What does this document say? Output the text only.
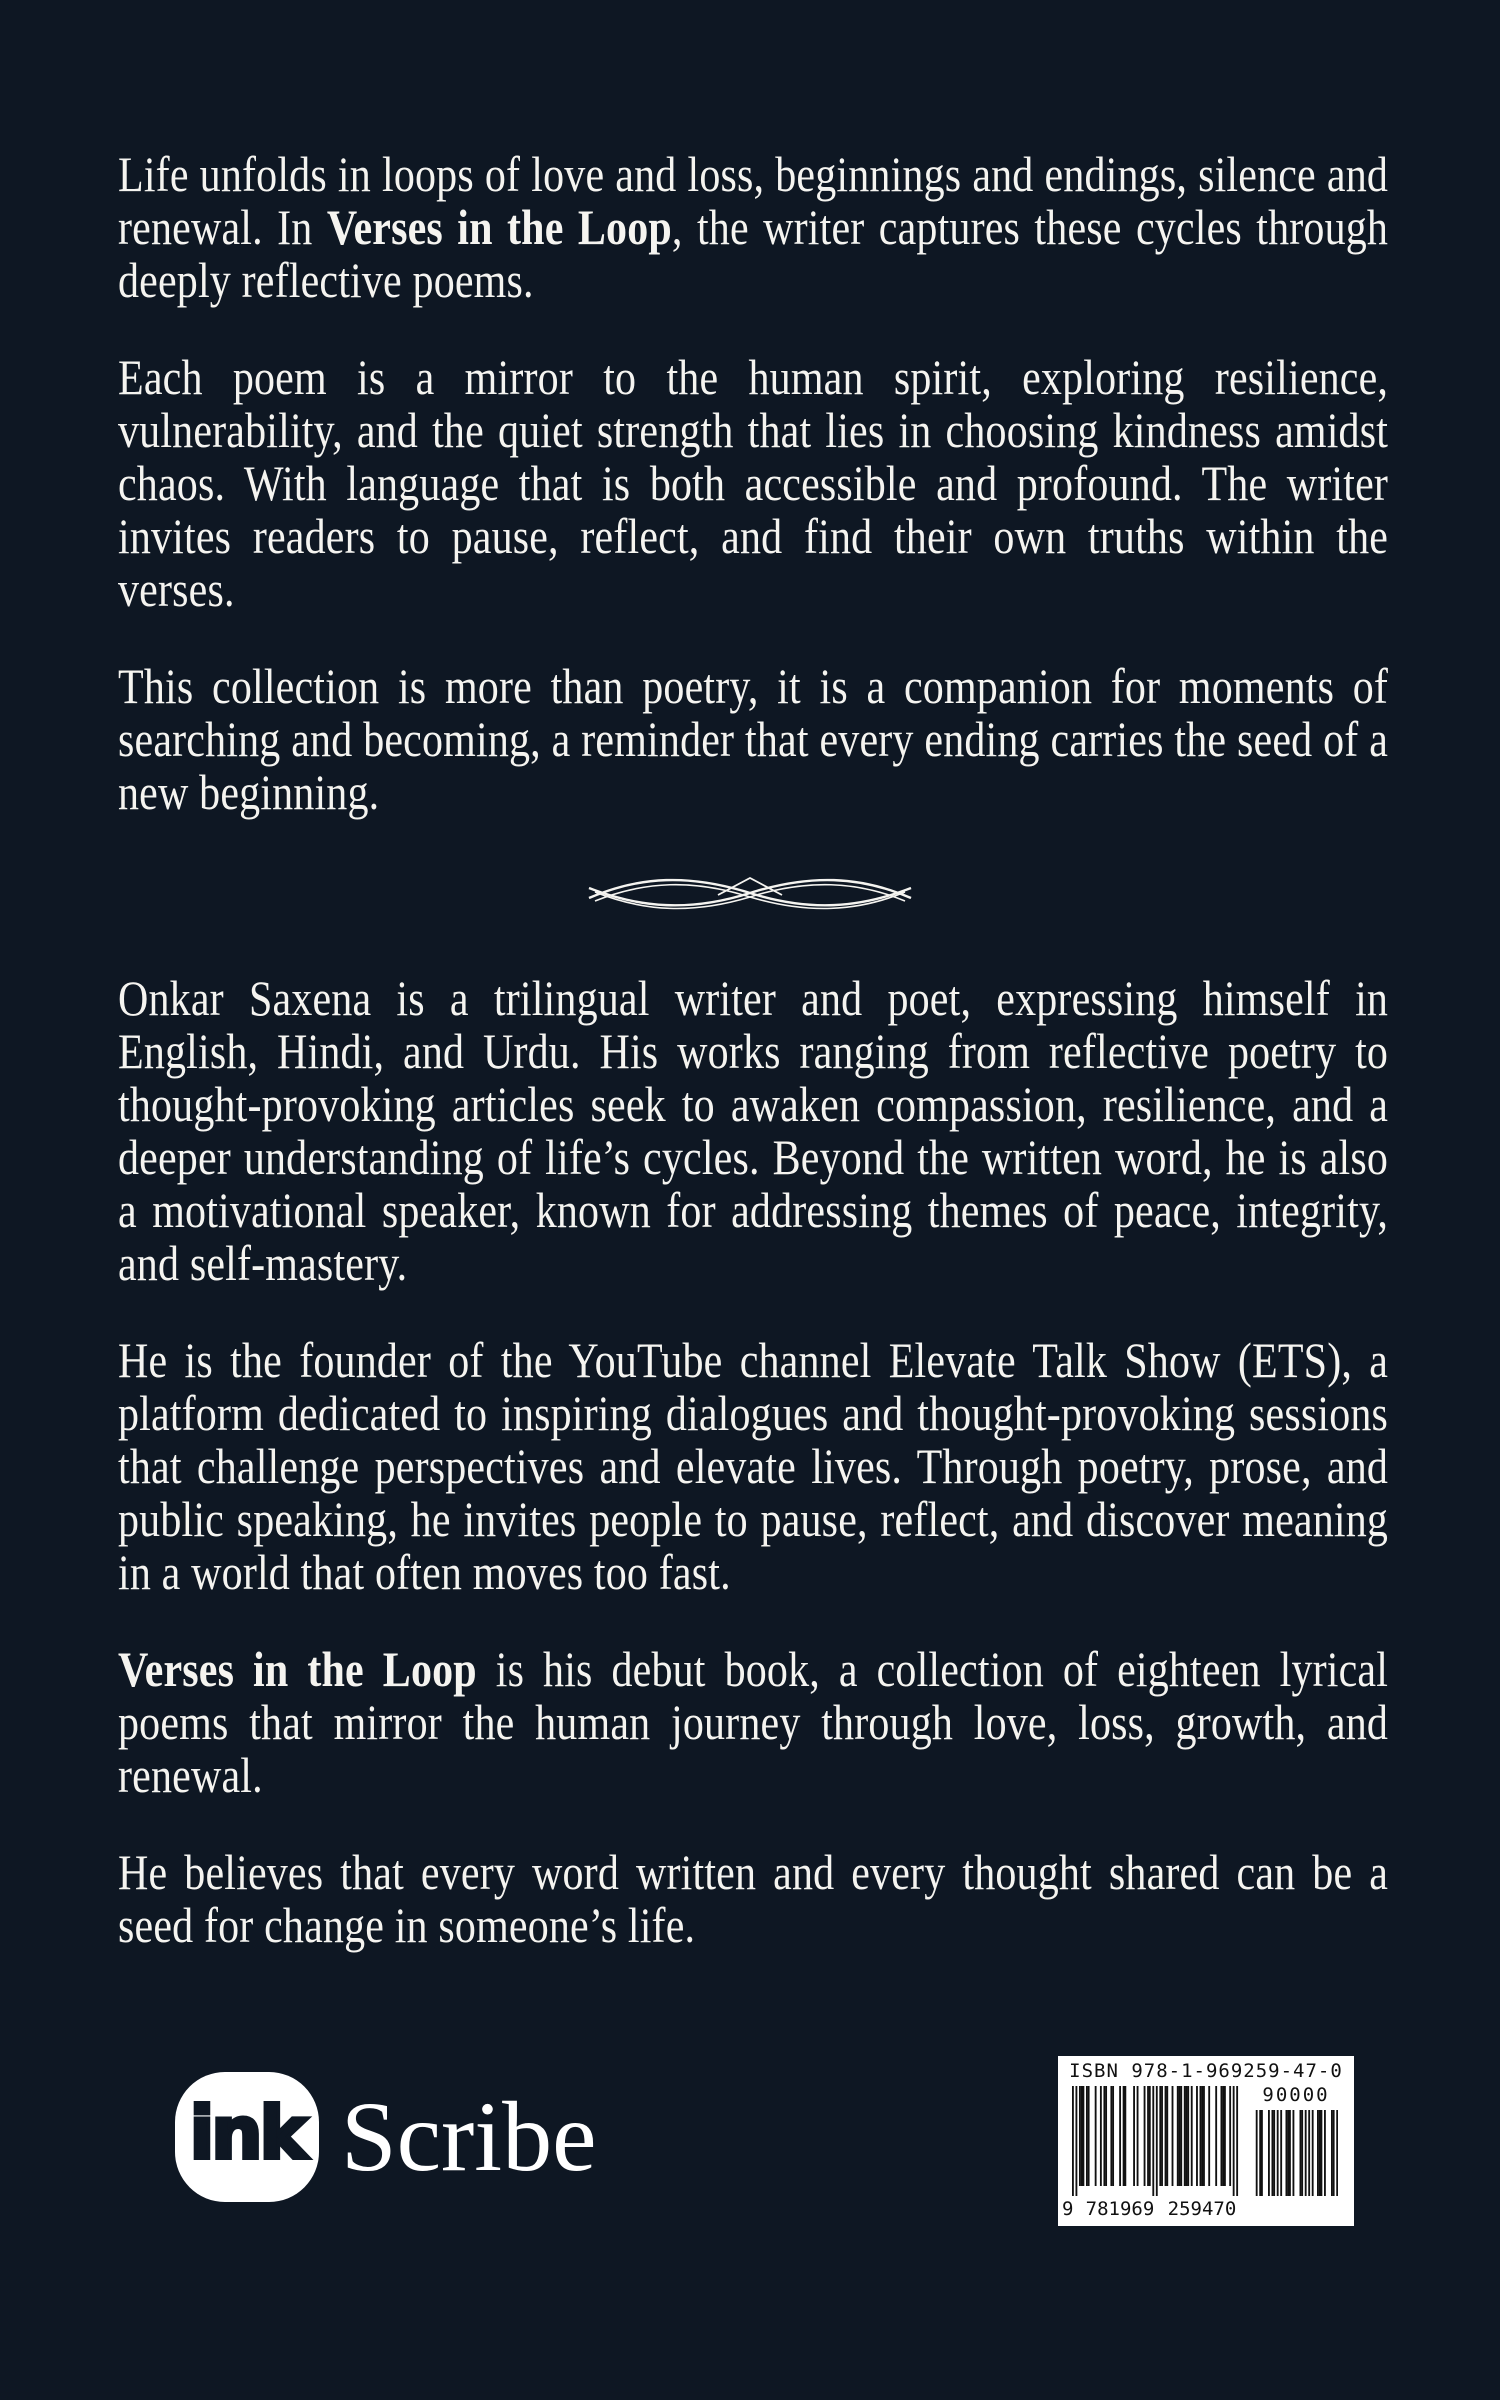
Life unfolds in loops of love and loss, beginnings and endings, silence and renewal. In Verses in the Loop, the writer captures these cycles through deeply reflective poems.

Each poem is a mirror to the human spirit, exploring resilience, vulnerability, and the quiet strength that lies in choosing kindness amidst chaos. With language that is both accessible and profound. The writer invites readers to pause, reflect, and find their own truths within the verses.

This collection is more than poetry, it is a companion for moments of searching and becoming, a reminder that every ending carries the seed of a new beginning.

Onkar Saxena is a trilingual writer and poet, expressing himself in English, Hindi, and Urdu. His works ranging from reflective poetry to thought-provoking articles seek to awaken compassion, resilience, and a deeper understanding of life’s cycles. Beyond the written word, he is also a motivational speaker, known for addressing themes of peace, integrity, and self-mastery.

He is the founder of the YouTube channel Elevate Talk Show (ETS), a platform dedicated to inspiring dialogues and thought-provoking sessions that challenge perspectives and elevate lives. Through poetry, prose, and public speaking, he invites people to pause, reflect, and discover meaning in a world that often moves too fast.

Verses in the Loop is his debut book, a collection of eighteen lyrical poems that mirror the human journey through love, loss, growth, and renewal.

He believes that every word written and every thought shared can be a seed for change in someone’s life.

ink Scribe
ISBN 978-1-969259-47-0
90000
9 781969 259470
